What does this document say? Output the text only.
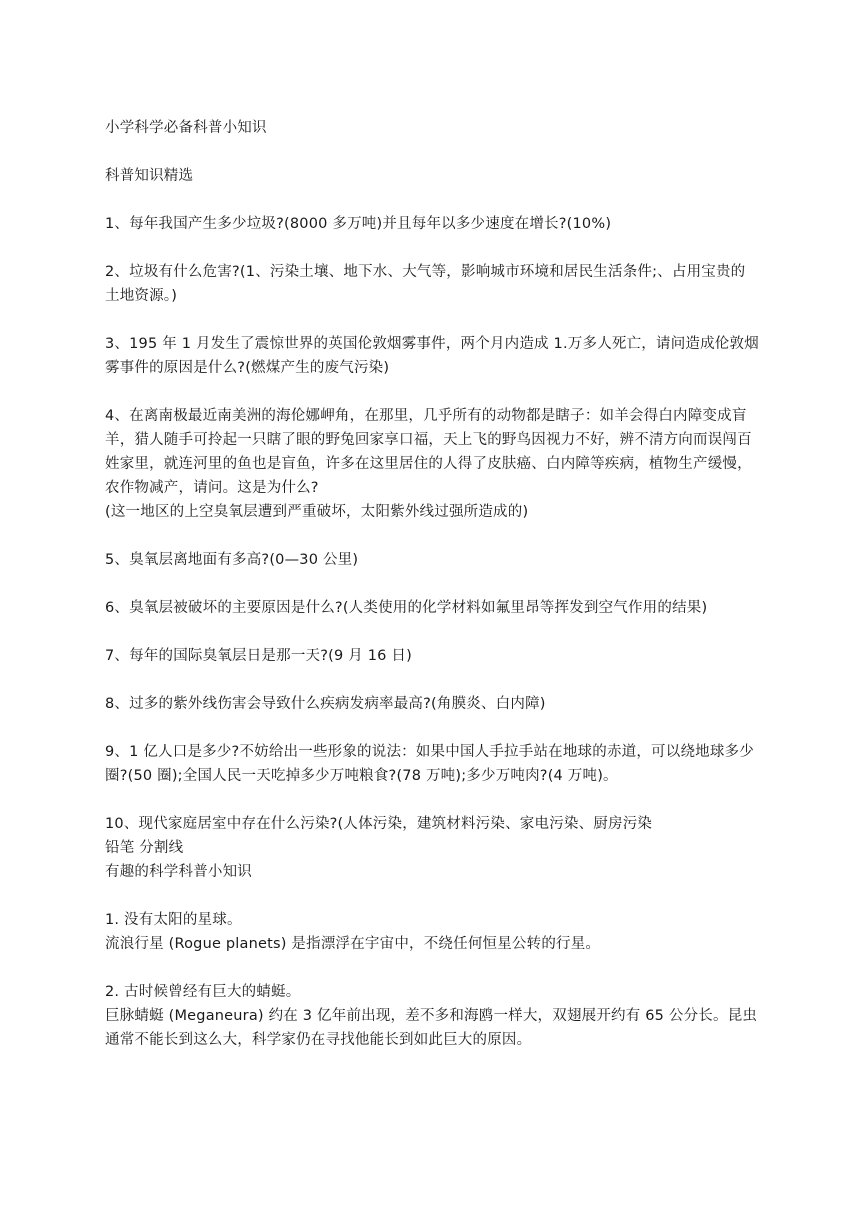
小学科学必备科普小知识

科普知识精选

1、每年我国产生多少垃圾?(8000 多万吨)并且每年以多少速度在增长?(10%)

2、垃圾有什么危害?(1、污染土壤、地下水、大气等，影响城市环境和居民生活条件;、占用宝贵的土地资源。)

3、195 年 1 月发生了震惊世界的英国伦敦烟雾事件，两个月内造成 1.万多人死亡，请问造成伦敦烟雾事件的原因是什么?(燃煤产生的废气污染)

4、在离南极最近南美洲的海伦娜岬角，在那里，几乎所有的动物都是瞎子：如羊会得白内障变成盲羊，猎人随手可拎起一只瞎了眼的野兔回家享口福，天上飞的野鸟因视力不好，辨不清方向而误闯百姓家里，就连河里的鱼也是盲鱼，许多在这里居住的人得了皮肤癌、白内障等疾病，植物生产缓慢，农作物减产，请问。这是为什么?

(这一地区的上空臭氧层遭到严重破坏，太阳紫外线过强所造成的)

5、臭氧层离地面有多高?(0—30 公里)

6、臭氧层被破坏的主要原因是什么?(人类使用的化学材料如氟里昂等挥发到空气作用的结果)

7、每年的国际臭氧层日是那一天?(9 月 16 日)

8、过多的紫外线伤害会导致什么疾病发病率最高?(角膜炎、白内障)

9、1 亿人口是多少?不妨给出一些形象的说法：如果中国人手拉手站在地球的赤道，可以绕地球多少圈?(50 圈);全国人民一天吃掉多少万吨粮食?(78 万吨);多少万吨肉?(4 万吨)。

10、现代家庭居室中存在什么污染?(人体污染，建筑材料污染、家电污染、厨房污染

铅笔 分割线

有趣的科学科普小知识

1. 没有太阳的星球。

流浪行星 (Rogue planets) 是指漂浮在宇宙中，不绕任何恒星公转的行星。

2. 古时候曾经有巨大的蜻蜓。

巨脉蜻蜓 (Meganeura) 约在 3 亿年前出现，差不多和海鸥一样大，双翅展开约有 65 公分长。昆虫通常不能长到这么大，科学家仍在寻找他能长到如此巨大的原因。
